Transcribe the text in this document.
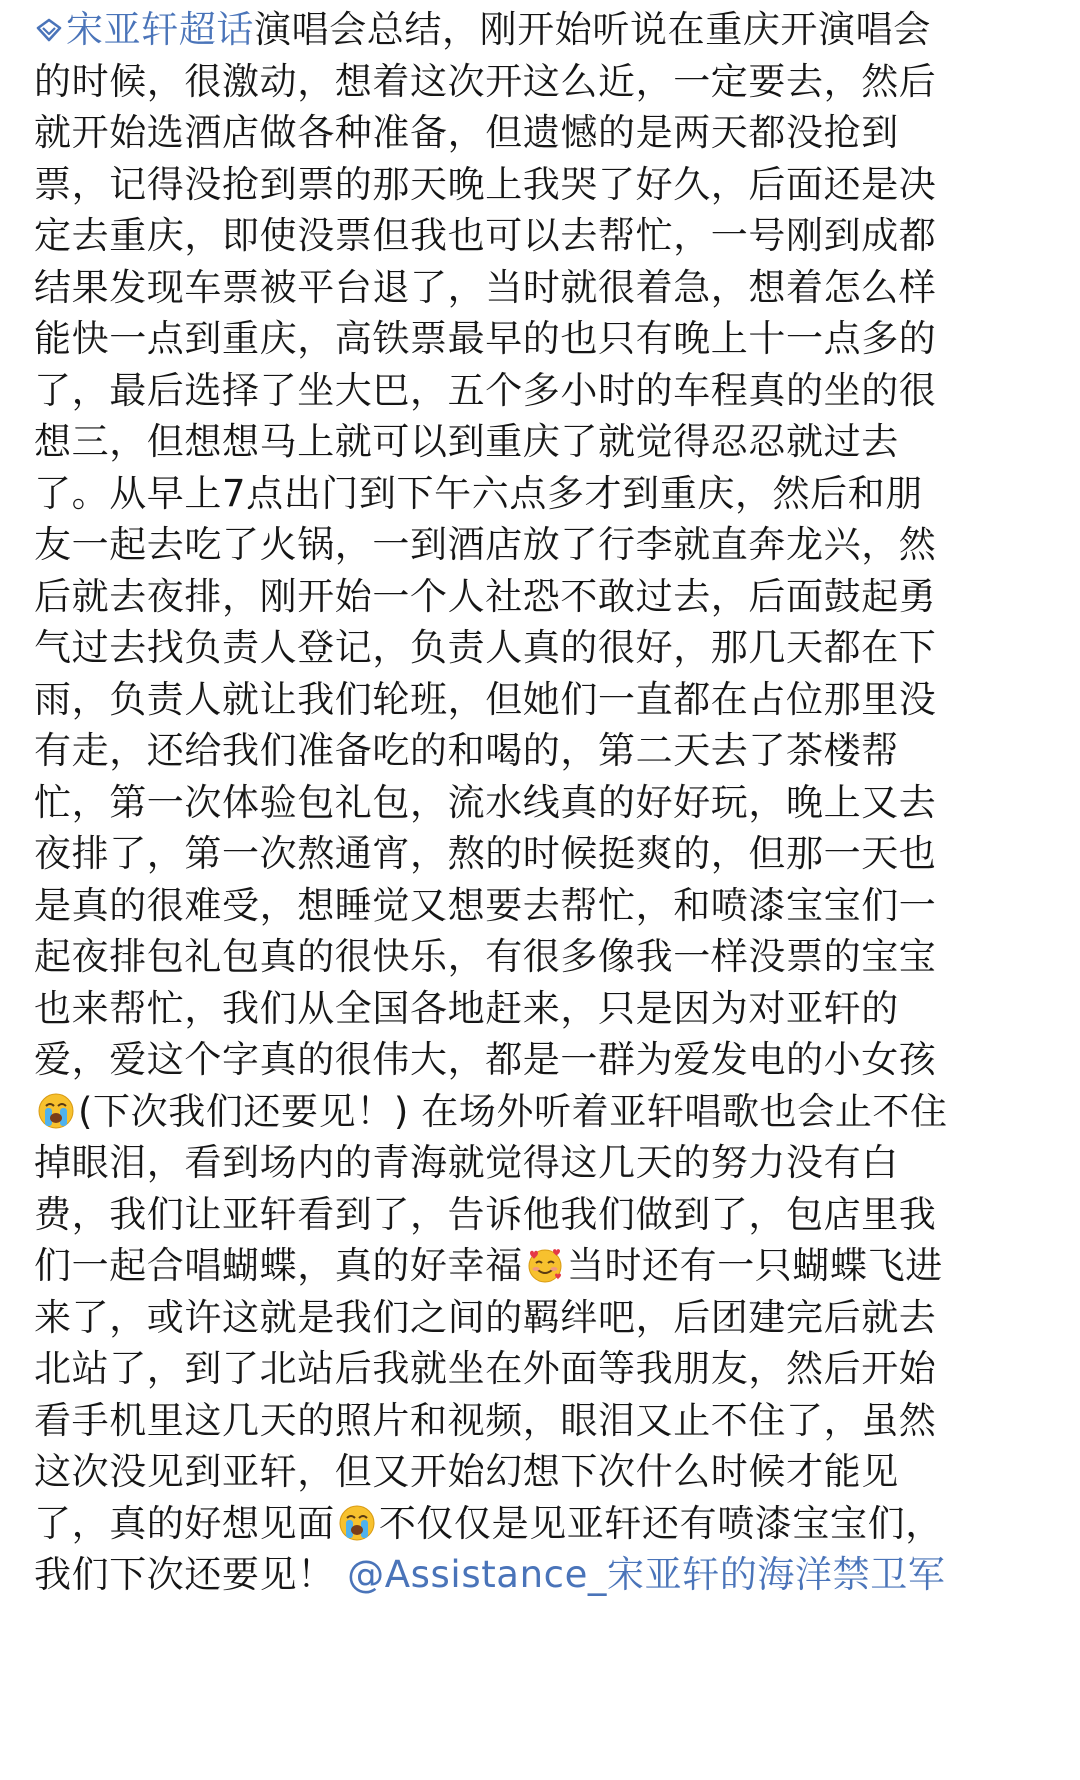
宋亚轩超话演唱会总结，刚开始听说在重庆开演唱会
的时候，很激动，想着这次开这么近，一定要去，然后
就开始选酒店做各种准备，但遗憾的是两天都没抢到
票，记得没抢到票的那天晚上我哭了好久，后面还是决
定去重庆，即使没票但我也可以去帮忙，一号刚到成都
结果发现车票被平台退了，当时就很着急，想着怎么样
能快一点到重庆，高铁票最早的也只有晚上十一点多的
了，最后选择了坐大巴，五个多小时的车程真的坐的很
想三，但想想马上就可以到重庆了就觉得忍忍就过去
了。从早上7点出门到下午六点多才到重庆，然后和朋
友一起去吃了火锅，一到酒店放了行李就直奔龙兴，然
后就去夜排，刚开始一个人社恐不敢过去，后面鼓起勇
气过去找负责人登记，负责人真的很好，那几天都在下
雨，负责人就让我们轮班，但她们一直都在占位那里没
有走，还给我们准备吃的和喝的，第二天去了茶楼帮
忙，第一次体验包礼包，流水线真的好好玩，晚上又去
夜排了，第一次熬通宵，熬的时候挺爽的，但那一天也
是真的很难受，想睡觉又想要去帮忙，和喷漆宝宝们一
起夜排包礼包真的很快乐，有很多像我一样没票的宝宝
也来帮忙，我们从全国各地赶来，只是因为对亚轩的
爱，爱这个字真的很伟大，都是一群为爱发电的小女孩
(下次我们还要见！) 在场外听着亚轩唱歌也会止不住
掉眼泪，看到场内的青海就觉得这几天的努力没有白
费，我们让亚轩看到了，告诉他我们做到了，包店里我
们一起合唱蝴蝶，真的好幸福 当时还有一只蝴蝶飞进
来了，或许这就是我们之间的羁绊吧，后团建完后就去
北站了，到了北站后我就坐在外面等我朋友，然后开始
看手机里这几天的照片和视频，眼泪又止不住了，虽然
这次没见到亚轩，但又开始幻想下次什么时候才能见
了，真的好想见面 不仅仅是见亚轩还有喷漆宝宝们，
我们下次还要见！ @Assistance_宋亚轩的海洋禁卫军
